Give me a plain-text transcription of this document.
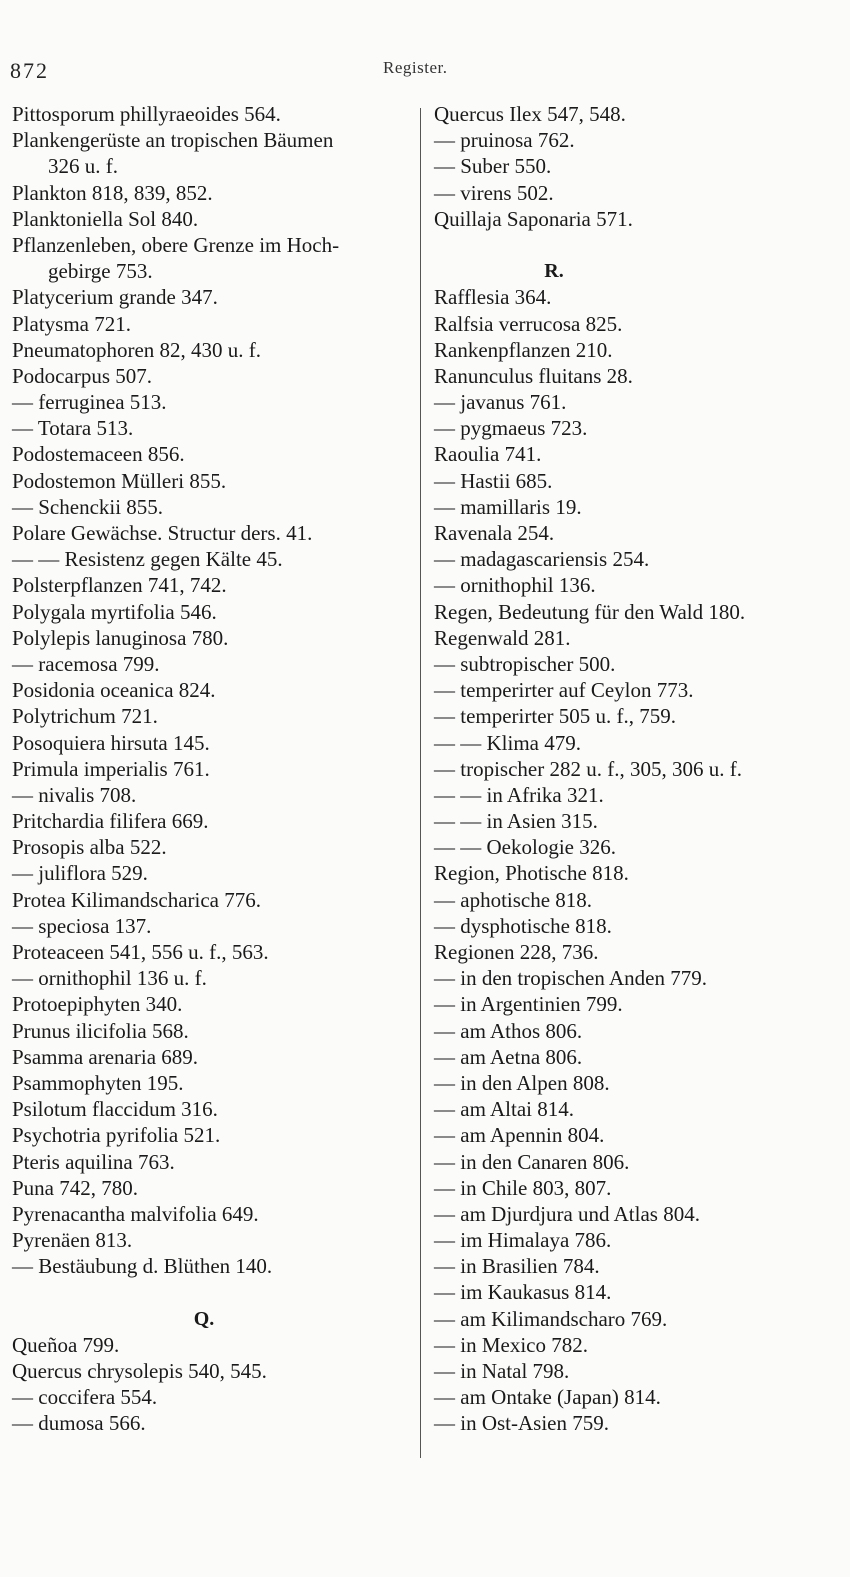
872	Register.
Pittosporum phillyraeoides 564.
Plankengerüste an tropischen Bäumen
326 u. f.
Plankton 818, 839, 852.
Planktoniella Sol 840.
Pflanzenleben, obere Grenze im Hoch-
gebirge 753.
Platycerium grande 347.
Platysma 721.
Pneumatophoren 82, 430 u. f.
Podocarpus 507.
— ferruginea 513.
— Totara 513.
Podostemaceen 856.
Podostemon Mülleri 855.
— Schenckii 855.
Polare Gewächse. Structur ders. 41.
— — Resistenz gegen Kälte 45.
Polsterpflanzen 741, 742.
Polygala myrtifolia 546.
Polylepis lanuginosa 780.
— racemosa 799.
Posidonia oceanica 824.
Polytrichum 721.
Posoquiera hirsuta 145.
Primula imperialis 761.
— nivalis 708.
Pritchardia filifera 669.
Prosopis alba 522.
— juliflora 529.
Protea Kilimandscharica 776.
— speciosa 137.
Proteaceen 541, 556 u. f., 563.
— ornithophil 136 u. f.
Protoepiphyten 340.
Prunus ilicifolia 568.
Psamma arenaria 689.
Psammophyten 195.
Psilotum flaccidum 316.
Psychotria pyrifolia 521.
Pteris aquilina 763.
Puna 742, 780.
Pyrenacantha malvifolia 649.
Pyrenäen 813.
— Bestäubung d. Blüthen 140.
Q.
Queñoa 799.
Quercus chrysolepis 540, 545.
— coccifera 554.
— dumosa 566.
Quercus Ilex 547, 548.
— pruinosa 762.
— Suber 550.
— virens 502.
Quillaja Saponaria 571.
R.
Rafflesia 364.
Ralfsia verrucosa 825.
Rankenpflanzen 210.
Ranunculus fluitans 28.
— javanus 761.
— pygmaeus 723.
Raoulia 741.
— Hastii 685.
— mamillaris 19.
Ravenala 254.
— madagascariensis 254.
— ornithophil 136.
Regen, Bedeutung für den Wald 180.
Regenwald 281.
— subtropischer 500.
— temperirter auf Ceylon 773.
— temperirter 505 u. f., 759.
— — Klima 479.
— tropischer 282 u. f., 305, 306 u. f.
— — in Afrika 321.
— — in Asien 315.
— — Oekologie 326.
Region, Photische 818.
— aphotische 818.
— dysphotische 818.
Regionen 228, 736.
— in den tropischen Anden 779.
— in Argentinien 799.
— am Athos 806.
— am Aetna 806.
— in den Alpen 808.
— am Altai 814.
— am Apennin 804.
— in den Canaren 806.
— in Chile 803, 807.
— am Djurdjura und Atlas 804.
— im Himalaya 786.
— in Brasilien 784.
— im Kaukasus 814.
— am Kilimandscharo 769.
— in Mexico 782.
— in Natal 798.
— am Ontake (Japan) 814.
— in Ost-Asien 759.
